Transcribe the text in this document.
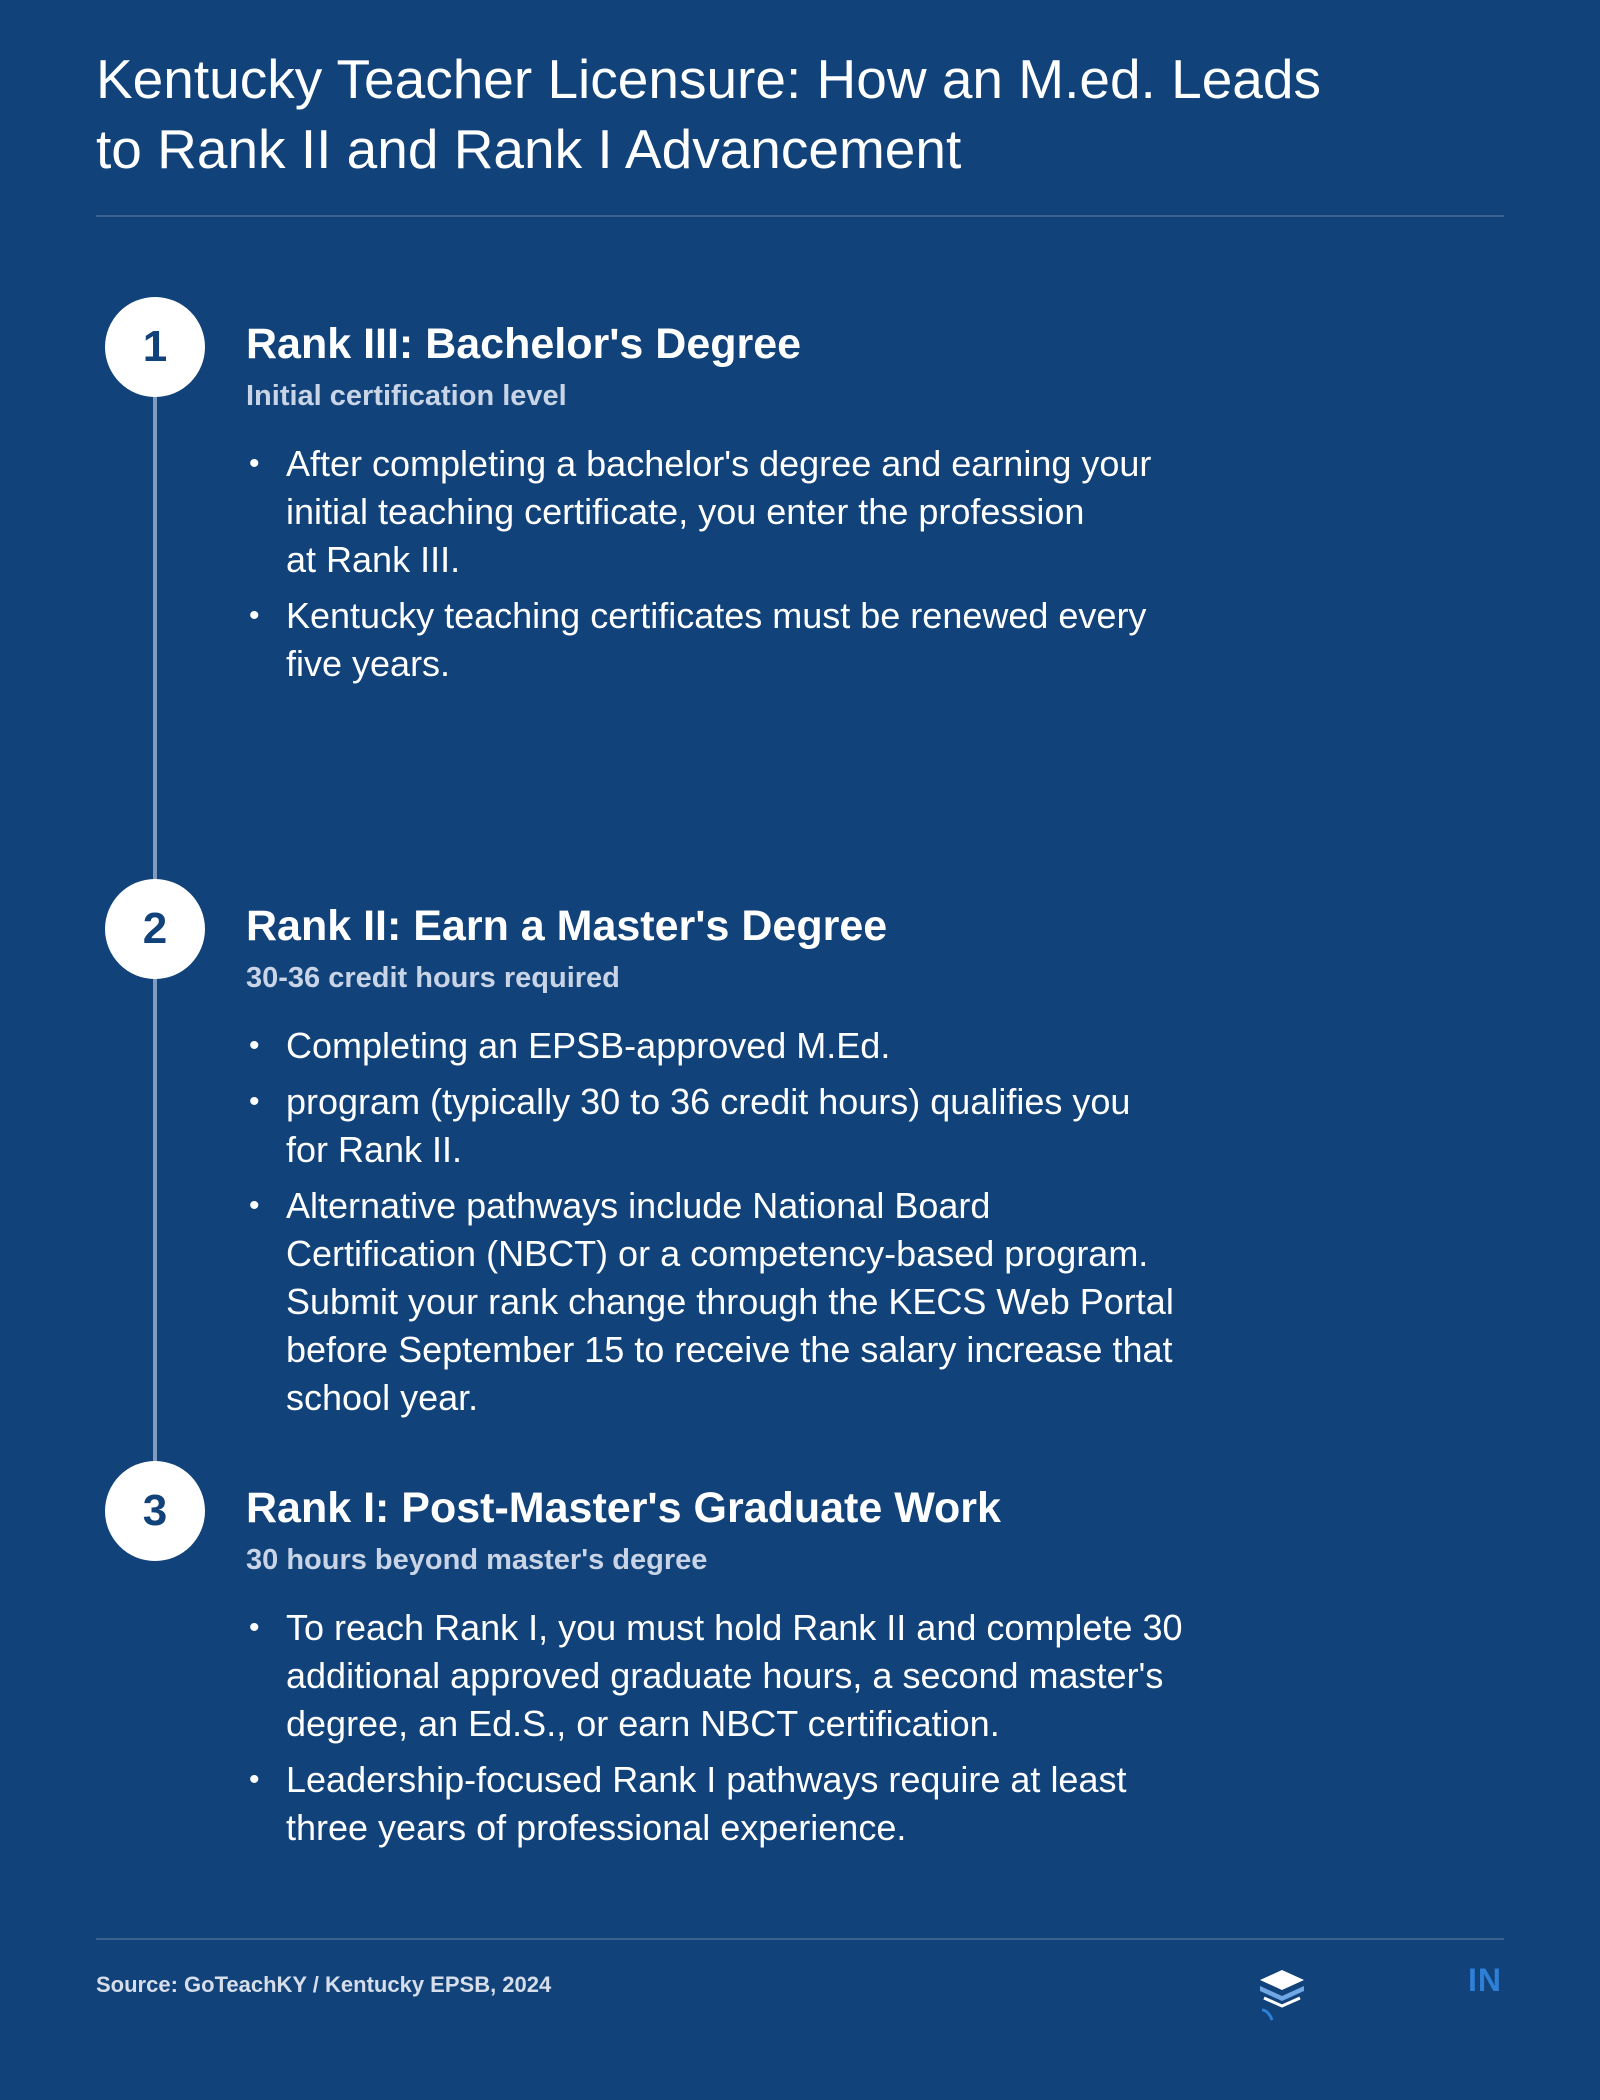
Kentucky Teacher Licensure: How an M.ed. Leads
to Rank II and Rank I Advancement
1	Rank III: Bachelor's Degree

Initial certification level

• After completing a bachelor's degree and earning your
initial teaching certificate, you enter the profession
at Rank III.
• Kentucky teaching certificates must be renewed every
five years.
2	Rank II: Earn a Master's Degree

30-36 credit hours required

• Completing an EPSB-approved M.Ed.
• program (typically 30 to 36 credit hours) qualifies you
for Rank II.
• Alternative pathways include National Board
Certification (NBCT) or a competency-based program.
Submit your rank change through the KECS Web Portal
before September 15 to receive the salary increase that
school year.
3	Rank I: Post-Master's Graduate Work

30 hours beyond master's degree

• To reach Rank I, you must hold Rank II and complete 30
additional approved graduate hours, a second master's
degree, an Ed.S., or earn NBCT certification.
• Leadership-focused Rank I pathways require at least
three years of professional experience.
Source: GoTeachKY / Kentucky EPSB, 2024	IN
